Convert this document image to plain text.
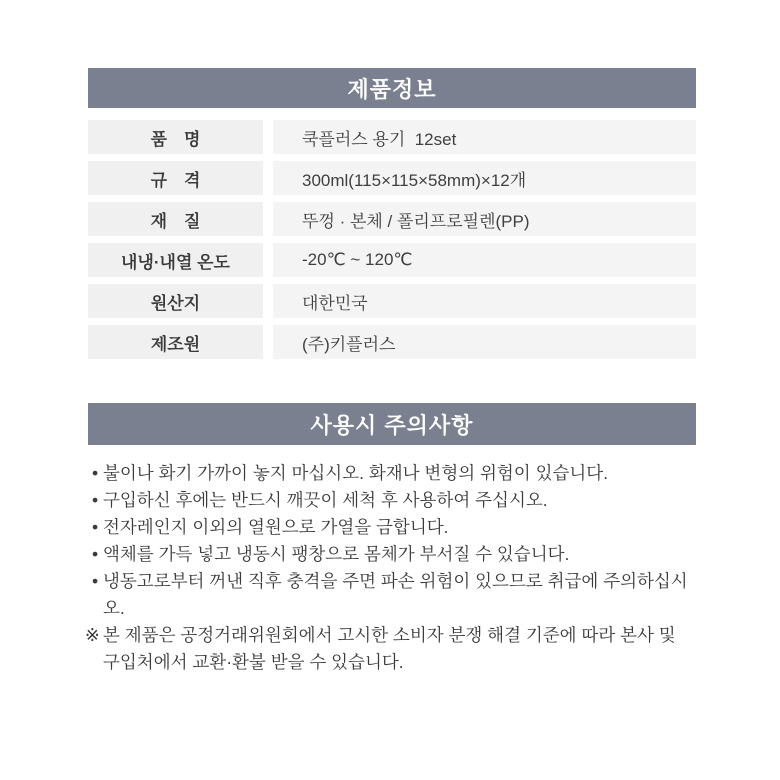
제품정보
품　명	쿡플러스 용기  12set
규　격	300ml(115×115×58mm)×12개
재　질	뚜껑 · 본체 / 폴리프로필렌(PP)
내냉·내열 온도	-20℃ ~ 120℃
원산지	대한민국
제조원	(주)키플러스
사용시 주의사항
• 불이나 화기 가까이 놓지 마십시오. 화재나 변형의 위험이 있습니다.
• 구입하신 후에는 반드시 깨끗이 세척 후 사용하여 주십시오.
• 전자레인지 이외의 열원으로 가열을 금합니다.
• 액체를 가득 넣고 냉동시 팽창으로 몸체가 부서질 수 있습니다.
• 냉동고로부터 꺼낸 직후 충격을 주면 파손 위험이 있으므로 취급에 주의하십시오.
※ 본 제품은 공정거래위원회에서 고시한 소비자 분쟁 해결 기준에 따라 본사 및 구입처에서 교환·환불 받을 수 있습니다.
